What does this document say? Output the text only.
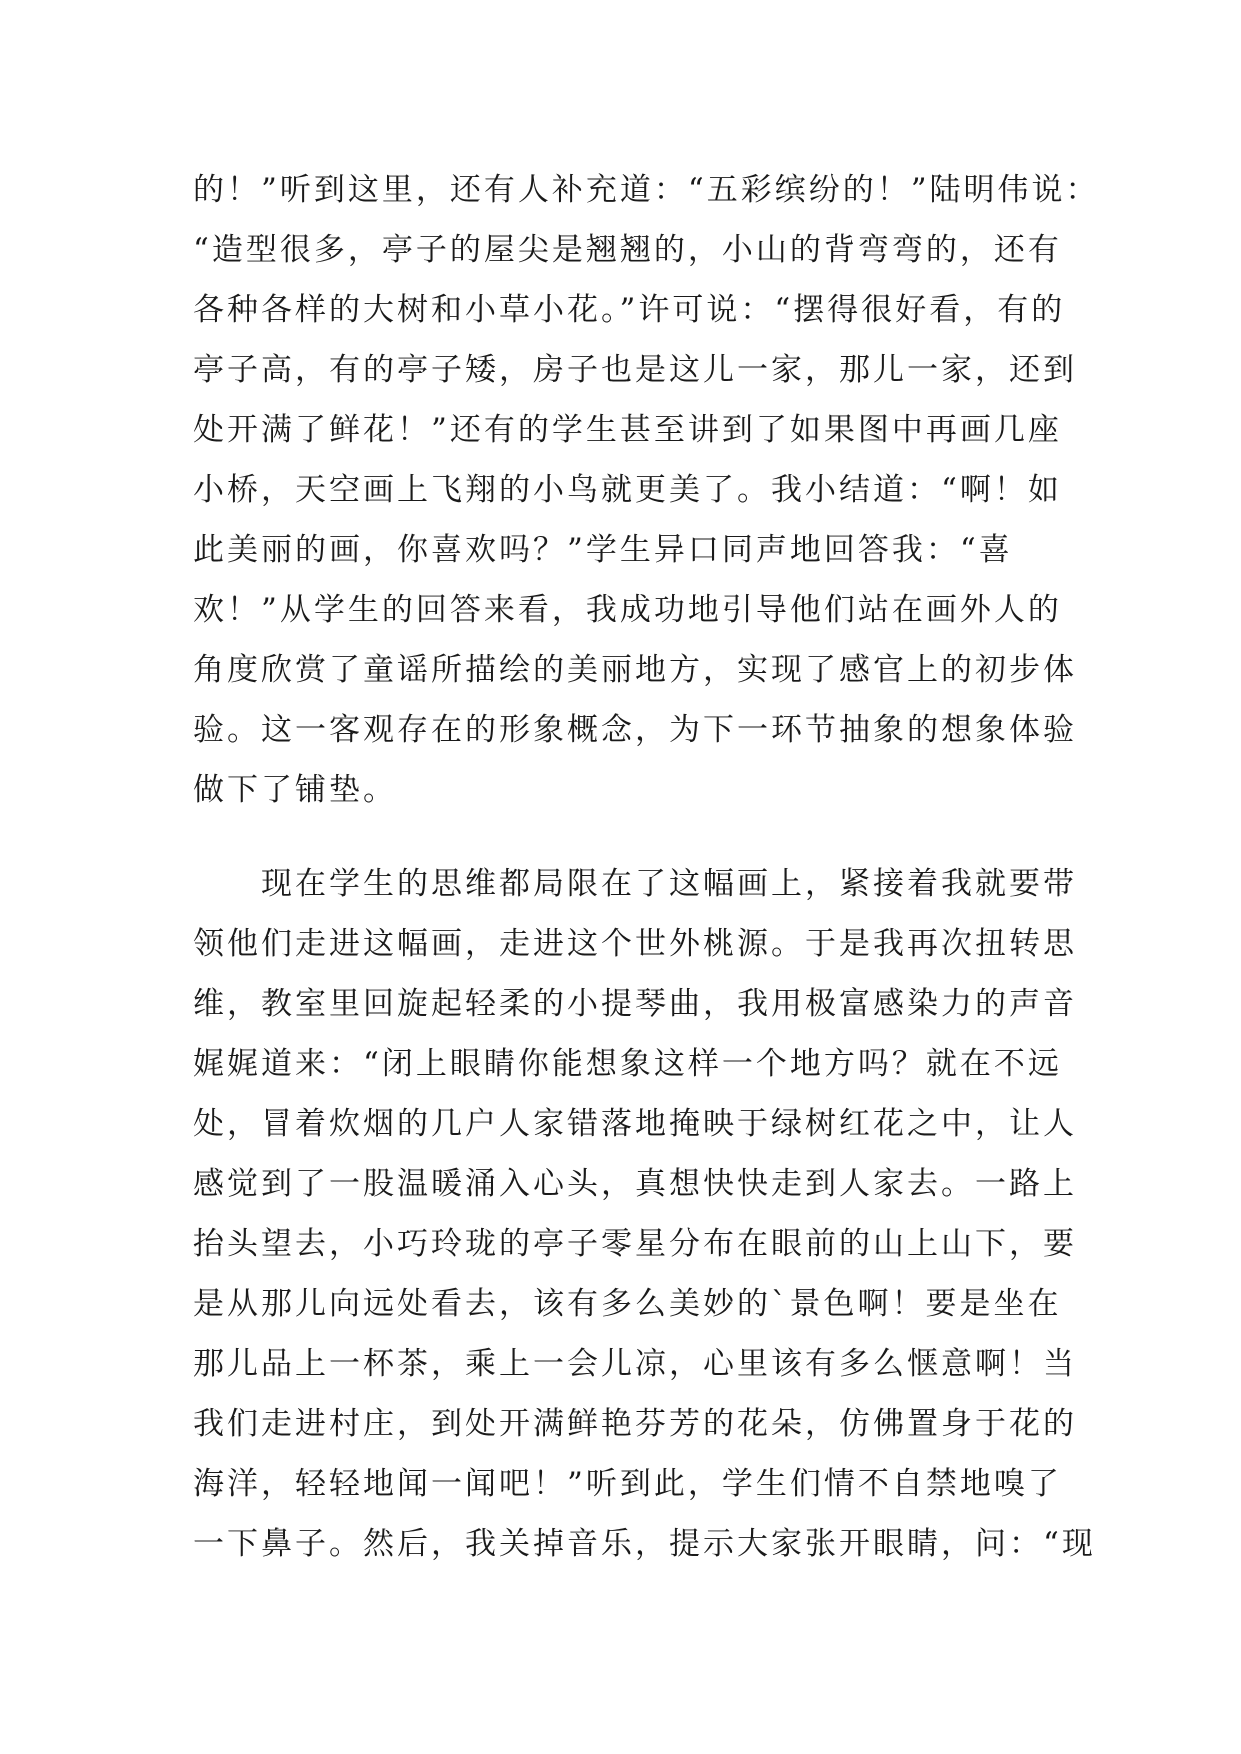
的！”听到这里，还有人补充道：“五彩缤纷的！”陆明伟说：
“造型很多，亭子的屋尖是翘翘的，小山的背弯弯的，还有
各种各样的大树和小草小花。”许可说：“摆得很好看，有的
亭子高，有的亭子矮，房子也是这儿一家，那儿一家，还到
处开满了鲜花！”还有的学生甚至讲到了如果图中再画几座
小桥，天空画上飞翔的小鸟就更美了。我小结道：“啊！如
此美丽的画，你喜欢吗？”学生异口同声地回答我：“喜
欢！”从学生的回答来看，我成功地引导他们站在画外人的
角度欣赏了童谣所描绘的美丽地方，实现了感官上的初步体
验。这一客观存在的形象概念，为下一环节抽象的想象体验
做下了铺垫。
　　现在学生的思维都局限在了这幅画上，紧接着我就要带
领他们走进这幅画，走进这个世外桃源。于是我再次扭转思
维，教室里回旋起轻柔的小提琴曲，我用极富感染力的声音
娓娓道来：“闭上眼睛你能想象这样一个地方吗？就在不远
处，冒着炊烟的几户人家错落地掩映于绿树红花之中，让人
感觉到了一股温暖涌入心头，真想快快走到人家去。一路上
抬头望去，小巧玲珑的亭子零星分布在眼前的山上山下，要
是从那儿向远处看去，该有多么美妙的`景色啊！要是坐在
那儿品上一杯茶，乘上一会儿凉，心里该有多么惬意啊！当
我们走进村庄，到处开满鲜艳芬芳的花朵，仿佛置身于花的
海洋，轻轻地闻一闻吧！”听到此，学生们情不自禁地嗅了
一下鼻子。然后，我关掉音乐，提示大家张开眼睛，问：“现
